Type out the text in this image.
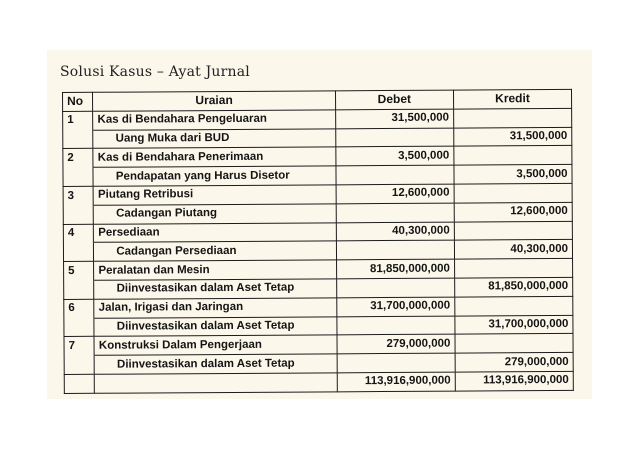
Solusi Kasus – Ayat Jurnal
No	Uraian	Debet	Kredit
1	Kas di Bendahara Pengeluaran	31,500,000	
	Uang Muka dari BUD		31,500,000
2	Kas di Bendahara Penerimaan	3,500,000	
	Pendapatan yang Harus Disetor		3,500,000
3	Piutang Retribusi	12,600,000	
	Cadangan Piutang		12,600,000
4	Persediaan	40,300,000	
	Cadangan Persediaan		40,300,000
5	Peralatan dan Mesin	81,850,000,000	
	Diinvestasikan dalam Aset Tetap		81,850,000,000
6	Jalan, Irigasi dan Jaringan	31,700,000,000	
	Diinvestasikan dalam Aset Tetap		31,700,000,000
7	Konstruksi Dalam Pengerjaan	279,000,000	
	Diinvestasikan dalam Aset Tetap		279,000,000
		113,916,900,000	113,916,900,000
